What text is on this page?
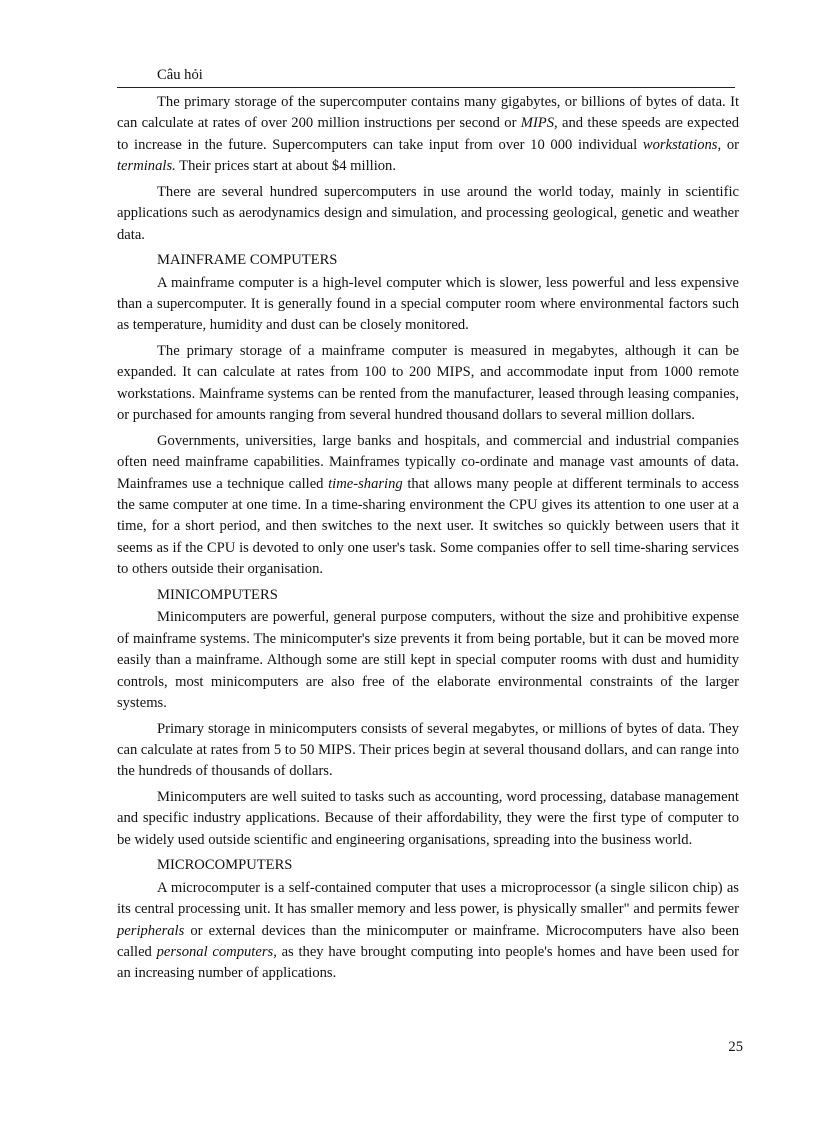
Câu hỏi

The primary storage of the supercomputer contains many gigabytes, or billions of bytes of data. It can calculate at rates of over 200 million instructions per second or MIPS, and these speeds are expected to increase in the future. Supercomputers can take input from over 10 000 individual workstations, or terminals. Their prices start at about $4 million.

There are several hundred supercomputers in use around the world today, mainly in scientific applications such as aerodynamics design and simulation, and processing geological, genetic and weather data.

MAINFRAME COMPUTERS

A mainframe computer is a high-level computer which is slower, less powerful and less expensive than a supercomputer. It is generally found in a special computer room where environmental factors such as temperature, humidity and dust can be closely monitored.

The primary storage of a mainframe computer is measured in megabytes, although it can be expanded. It can calculate at rates from 100 to 200 MIPS, and accommodate input from 1000 remote workstations. Mainframe systems can be rented from the manufacturer, leased through leasing companies, or purchased for amounts ranging from several hundred thousand dollars to several million dollars.

Governments, universities, large banks and hospitals, and commercial and industrial companies often need mainframe capabilities. Mainframes typically co-ordinate and manage vast amounts of data. Mainframes use a technique called time-sharing that allows many people at different terminals to access the same computer at one time. In a time-sharing environment the CPU gives its attention to one user at a time, for a short period, and then switches to the next user. It switches so quickly between users that it seems as if the CPU is devoted to only one user's task. Some companies offer to sell time-sharing services to others outside their organisation.

MINICOMPUTERS

Minicomputers are powerful, general purpose computers, without the size and prohibitive expense of mainframe systems. The minicomputer's size prevents it from being portable, but it can be moved more easily than a mainframe. Although some are still kept in special computer rooms with dust and humidity controls, most minicomputers are also free of the elaborate environmental constraints of the larger systems.

Primary storage in minicomputers consists of several megabytes, or millions of bytes of data. They can calculate at rates from 5 to 50 MIPS. Their prices begin at several thousand dollars, and can range into the hundreds of thousands of dollars.

Minicomputers are well suited to tasks such as accounting, word processing, database management and specific industry applications. Because of their affordability, they were the first type of computer to be widely used outside scientific and engineering organisations, spreading into the business world.

MICROCOMPUTERS

A microcomputer is a self-contained computer that uses a microprocessor (a single silicon chip) as its central processing unit. It has smaller memory and less power, is physically smaller" and permits fewer peripherals or external devices than the minicomputer or mainframe. Microcomputers have also been called personal computers, as they have brought computing into people's homes and have been used for an increasing number of applications.

25
